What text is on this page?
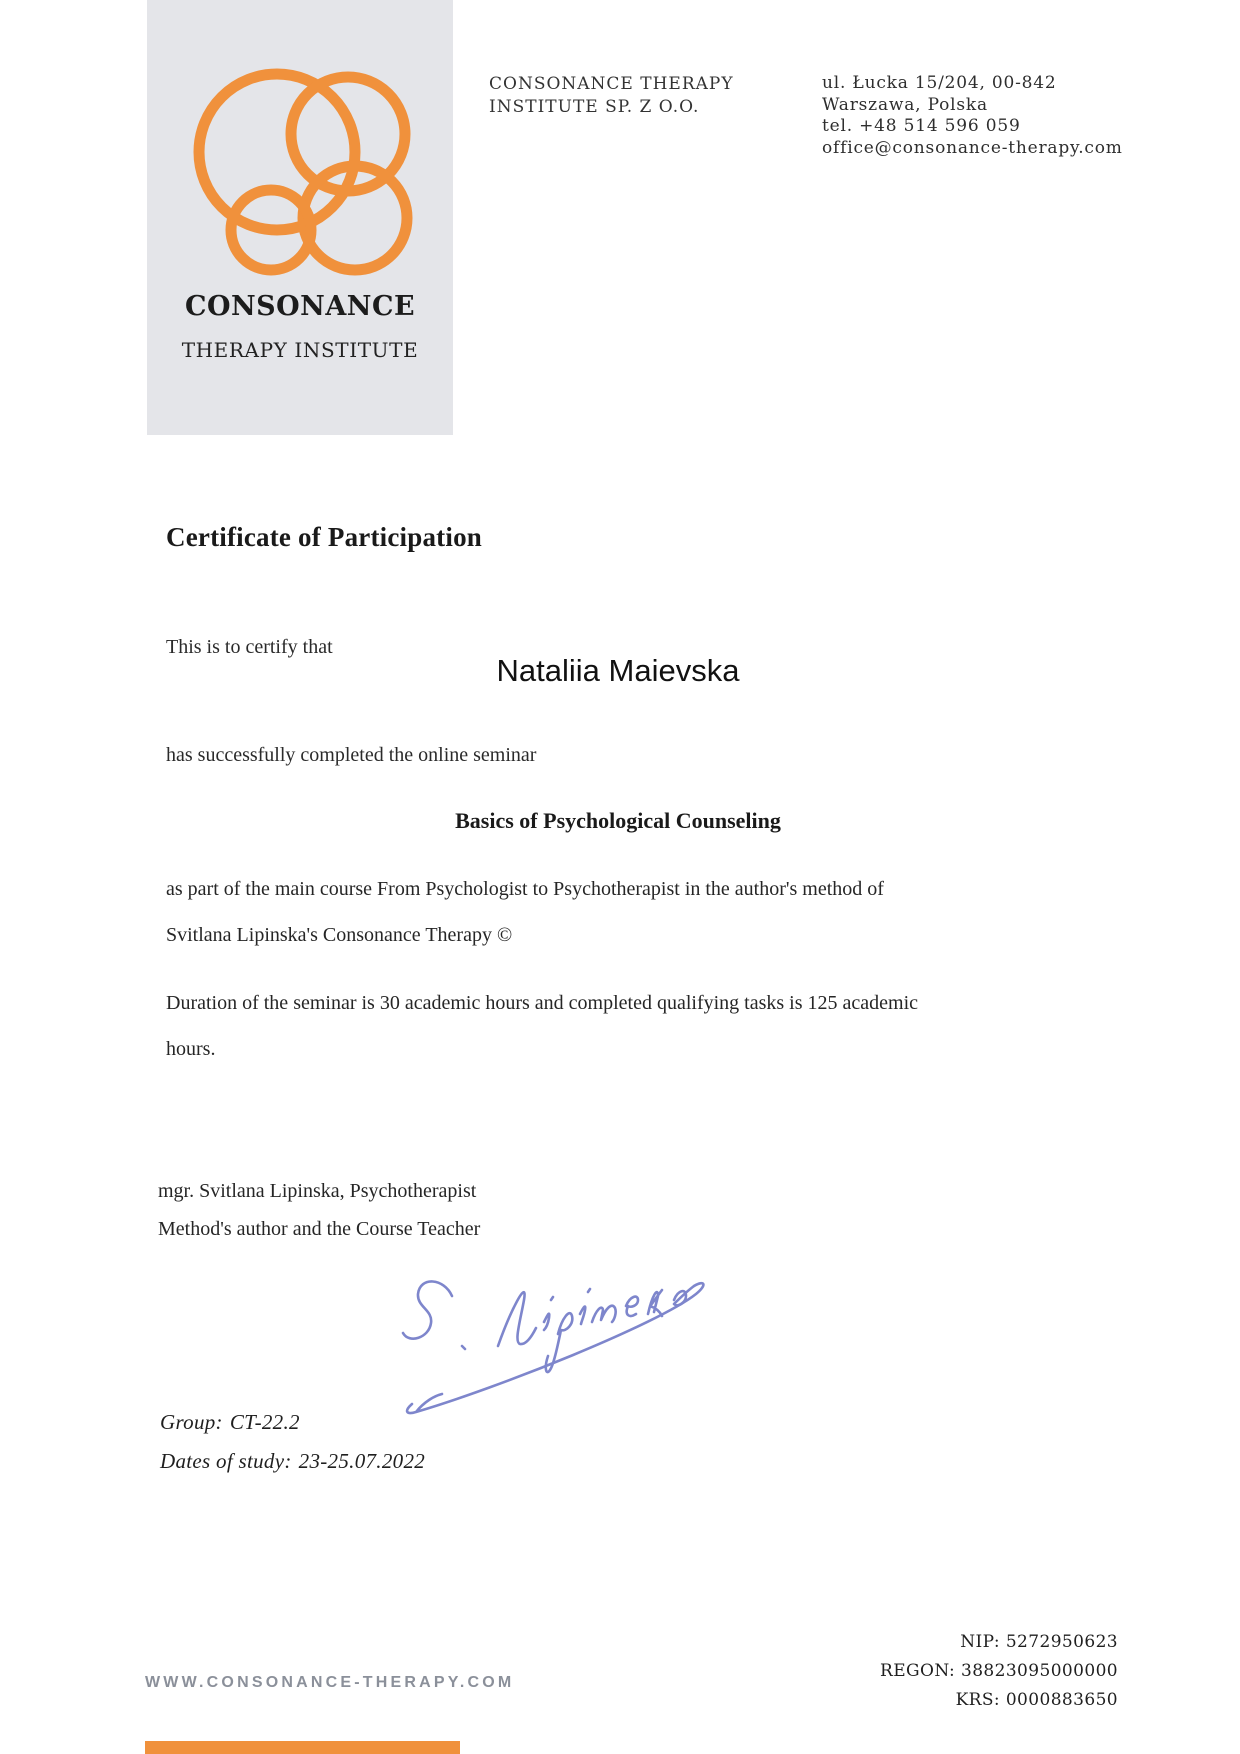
CONSONANCE
THERAPY INSTITUTE
CONSONANCE THERAPY
INSTITUTE SP. Z O.O.
ul. Łucka 15/204, 00-842
Warszawa, Polska
tel. +48 514 596 059
office@consonance-therapy.com
Certificate of Participation
This is to certify that
Nataliia Maievska
has successfully completed the online seminar
Basics of Psychological Counseling
as part of the main course From Psychologist to Psychotherapist in the author's method of
Svitlana Lipinska's Consonance Therapy ©
Duration of the seminar is 30 academic hours and completed qualifying tasks is 125 academic
hours.
mgr. Svitlana Lipinska, Psychotherapist
Method's author and the Course Teacher
Group: CT-22.2
Dates of study: 23-25.07.2022
WWW.CONSONANCE-THERAPY.COM
NIP: 5272950623
REGON: 38823095000000
KRS: 0000883650
